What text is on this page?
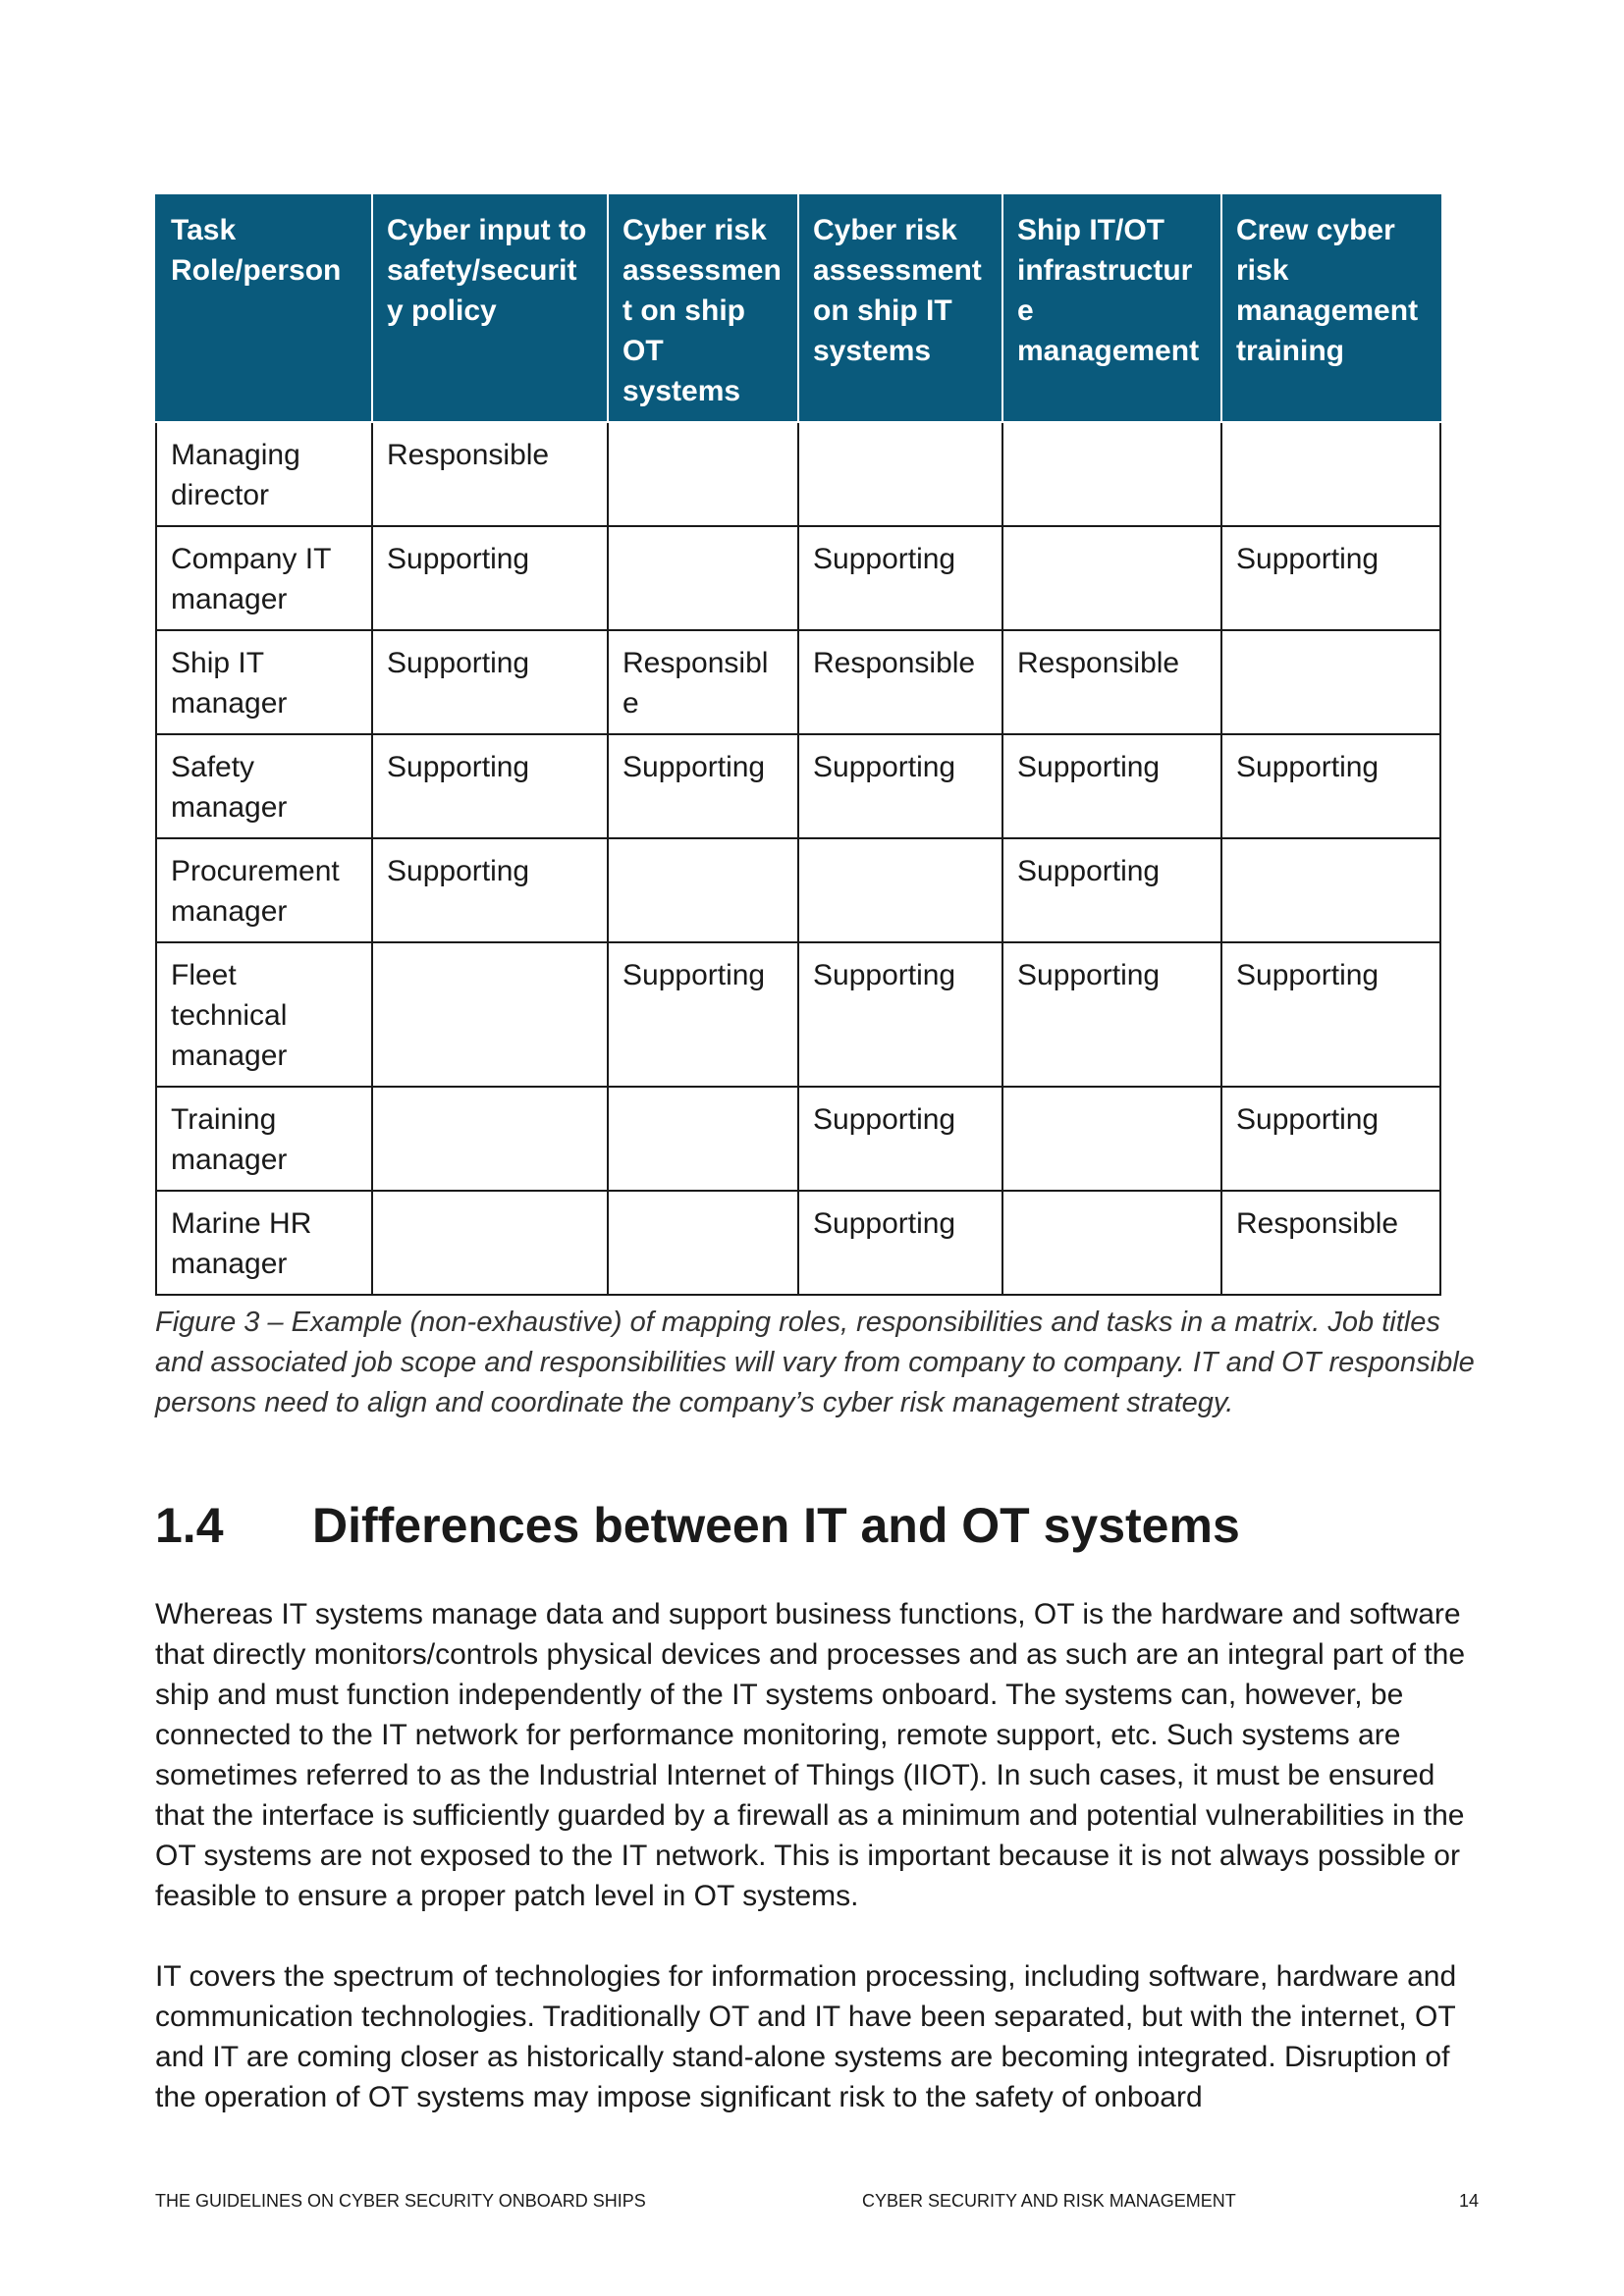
Task Role/person	Cyber input to safety/security policy	Cyber risk assessment on ship OT systems	Cyber risk assessment on ship IT systems	Ship IT/OT infrastructure management	Crew cyber risk management training
Managing director	Responsible				
Company IT manager	Supporting		Supporting		Supporting
Ship IT manager	Supporting	Responsible	Responsible	Responsible	
Safety manager	Supporting	Supporting	Supporting	Supporting	Supporting
Procurement manager	Supporting			Supporting	
Fleet technical manager		Supporting	Supporting	Supporting	Supporting
Training manager			Supporting		Supporting
Marine HR manager			Supporting		Responsible

Figure 3 – Example (non-exhaustive) of mapping roles, responsibilities and tasks in a matrix. Job titles and associated job scope and responsibilities will vary from company to company. IT and OT responsible persons need to align and coordinate the company’s cyber risk management strategy.

1.4 Differences between IT and OT systems

Whereas IT systems manage data and support business functions, OT is the hardware and software that directly monitors/controls physical devices and processes and as such are an integral part of the ship and must function independently of the IT systems onboard. The systems can, however, be connected to the IT network for performance monitoring, remote support, etc. Such systems are sometimes referred to as the Industrial Internet of Things (IIOT). In such cases, it must be ensured that the interface is sufficiently guarded by a firewall as a minimum and potential vulnerabilities in the OT systems are not exposed to the IT network. This is important because it is not always possible or feasible to ensure a proper patch level in OT systems.

IT covers the spectrum of technologies for information processing, including software, hardware and communication technologies. Traditionally OT and IT have been separated, but with the internet, OT and IT are coming closer as historically stand-alone systems are becoming integrated. Disruption of the operation of OT systems may impose significant risk to the safety of onboard

THE GUIDELINES ON CYBER SECURITY ONBOARD SHIPS	CYBER SECURITY AND RISK MANAGEMENT	14
